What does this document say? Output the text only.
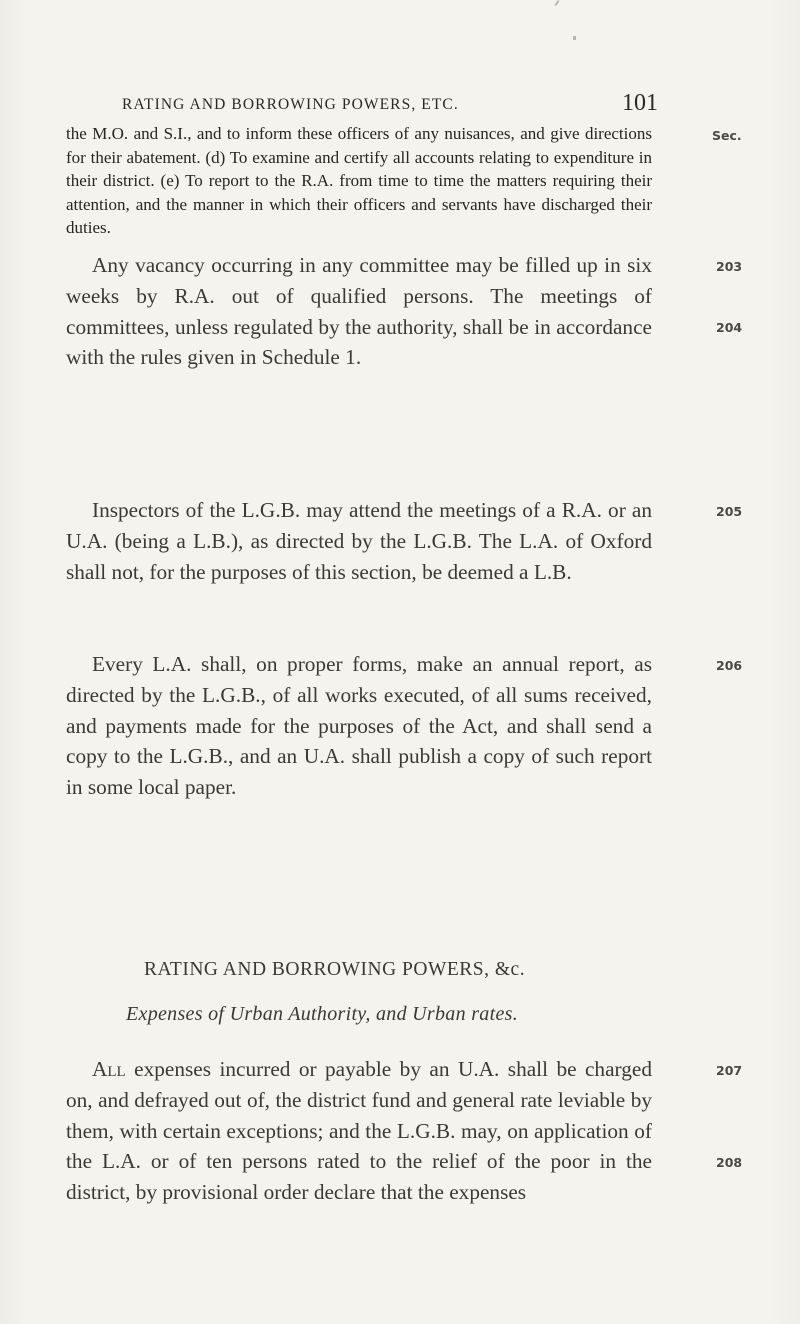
RATING AND BORROWING POWERS, ETC.	101

the M.O. and S.I., and to inform these officers of any nuisances, and give directions for their abatement. (d) To examine and certify all accounts relating to expenditure in their district. (e) To report to the R.A. from time to time the matters requiring their attention, and the manner in which their officers and servants have discharged their duties.

Any vacancy occurring in any committee may be filled up in six weeks by R.A. out of qualified persons. The meetings of committees, unless regulated by the authority, shall be in accordance with the rules given in Schedule 1.

Inspectors of the L.G.B. may attend the meetings of a R.A. or an U.A. (being a L.B.), as directed by the L.G.B. The L.A. of Oxford shall not, for the purposes of this section, be deemed a L.B.

Every L.A. shall, on proper forms, make an annual report, as directed by the L.G.B., of all works executed, of all sums received, and payments made for the purposes of the Act, and shall send a copy to the L.G.B., and an U.A. shall publish a copy of such report in some local paper.

RATING AND BORROWING POWERS, &c.
Expenses of Urban Authority, and Urban rates.

All expenses incurred or payable by an U.A. shall be charged on, and defrayed out of, the district fund and general rate leviable by them, with certain exceptions; and the L.G.B. may, on application of the L.A. or of ten persons rated to the relief of the poor in the district, by provisional order declare that the expenses

Sec.
203
204
205
206
207
208
